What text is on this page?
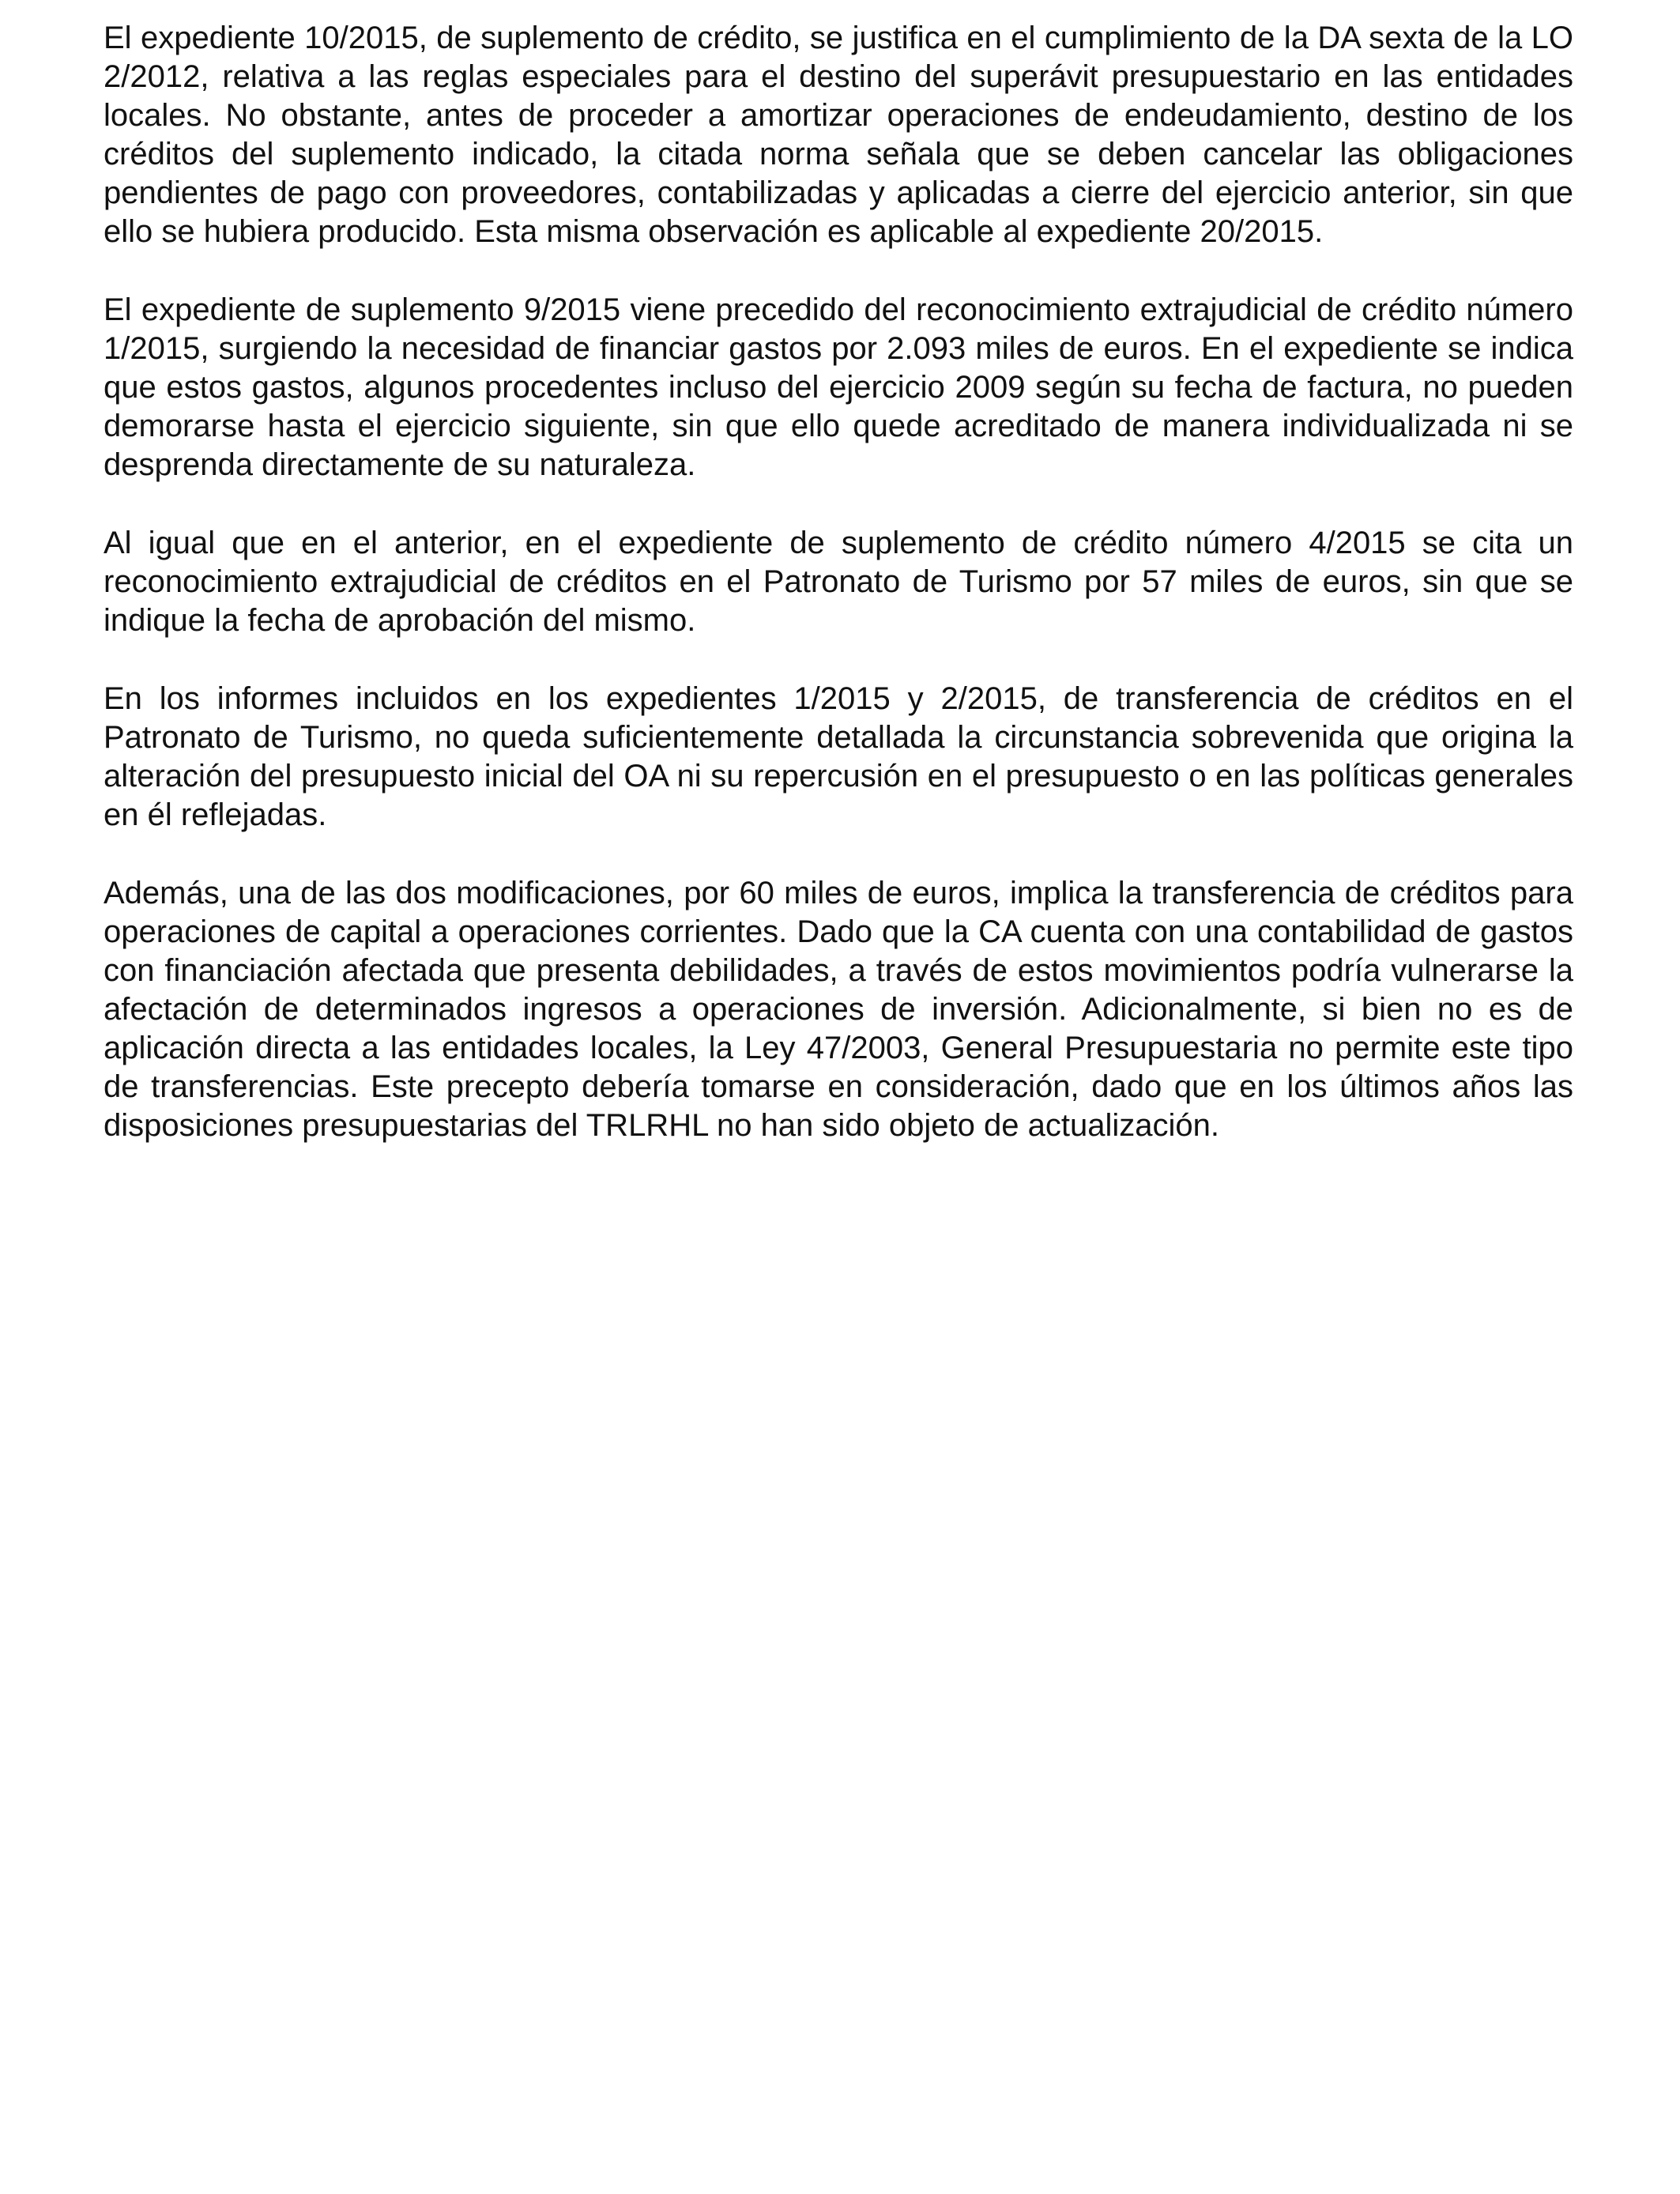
El expediente 10/2015, de suplemento de crédito, se justifica en el cumplimiento de la DA sexta de la LO 2/2012, relativa a las reglas especiales para el destino del superávit presupuestario en las entidades locales. No obstante, antes de proceder a amortizar operaciones de endeudamiento, destino de los créditos del suplemento indicado, la citada norma señala que se deben cancelar las obligaciones pendientes de pago con proveedores, contabilizadas y aplicadas a cierre del ejercicio anterior, sin que ello se hubiera producido. Esta misma observación es aplicable al expediente 20/2015.

El expediente de suplemento 9/2015 viene precedido del reconocimiento extrajudicial de crédito número 1/2015, surgiendo la necesidad de financiar gastos por 2.093 miles de euros. En el expediente se indica que estos gastos, algunos procedentes incluso del ejercicio 2009 según su fecha de factura, no pueden demorarse hasta el ejercicio siguiente, sin que ello quede acreditado de manera individualizada ni se desprenda directamente de su naturaleza.

Al igual que en el anterior, en el expediente de suplemento de crédito número 4/2015 se cita un reconocimiento extrajudicial de créditos en el Patronato de Turismo por 57 miles de euros, sin que se indique la fecha de aprobación del mismo.

En los informes incluidos en los expedientes 1/2015 y 2/2015, de transferencia de créditos en el Patronato de Turismo, no queda suficientemente detallada la circunstancia sobrevenida que origina la alteración del presupuesto inicial del OA ni su repercusión en el presupuesto o en las políticas generales en él reflejadas.

Además, una de las dos modificaciones, por 60 miles de euros, implica la transferencia de créditos para operaciones de capital a operaciones corrientes. Dado que la CA cuenta con una contabilidad de gastos con financiación afectada que presenta debilidades, a través de estos movimientos podría vulnerarse la afectación de determinados ingresos a operaciones de inversión. Adicionalmente, si bien no es de aplicación directa a las entidades locales, la Ley 47/2003, General Presupuestaria no permite este tipo de transferencias. Este precepto debería tomarse en consideración, dado que en los últimos años las disposiciones presupuestarias del TRLRHL no han sido objeto de actualización.
